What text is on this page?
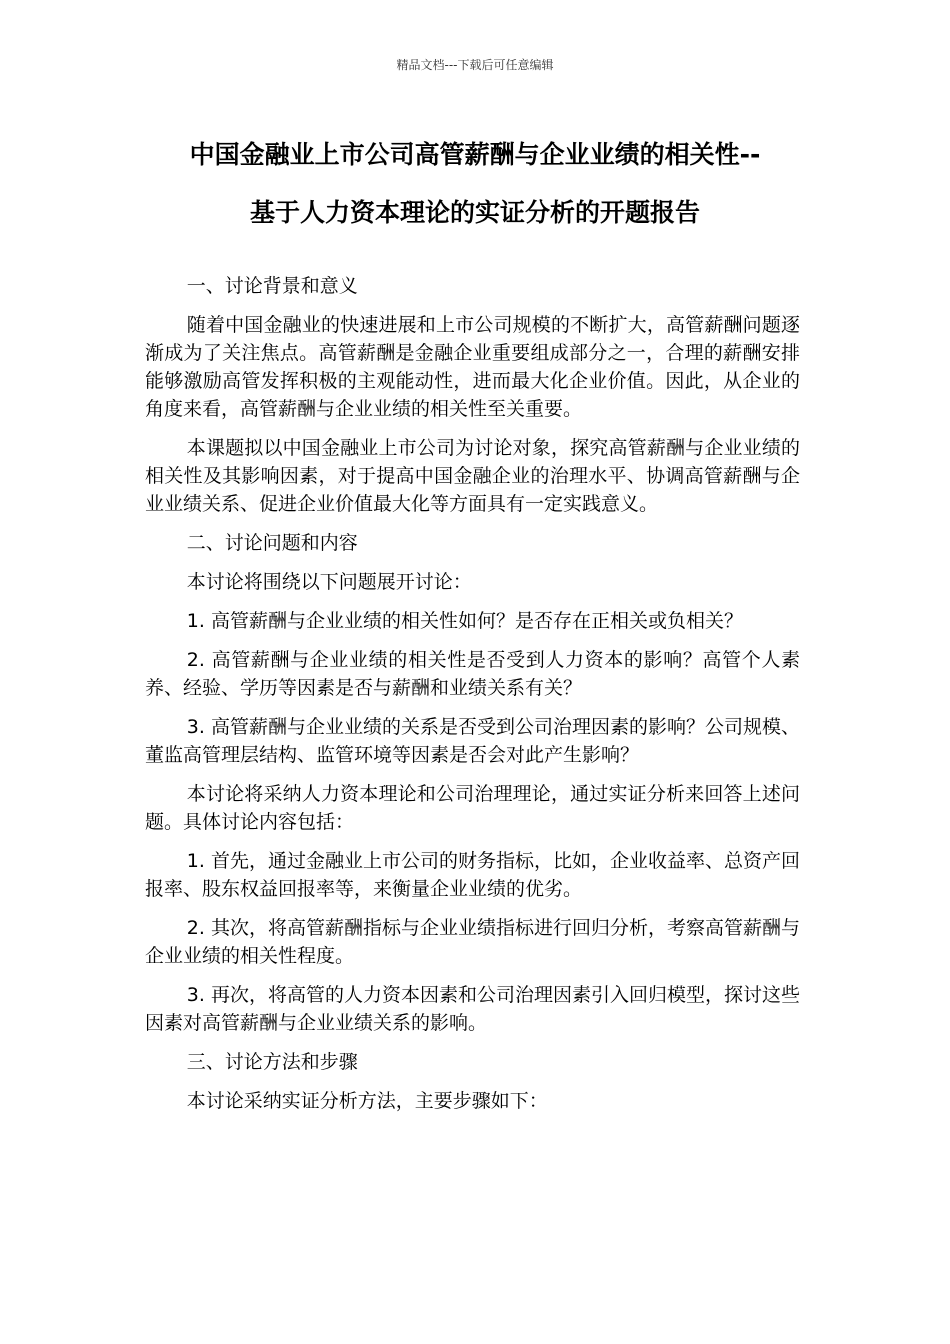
精品文档---下载后可任意编辑
中国金融业上市公司高管薪酬与企业业绩的相关性--
基于人力资本理论的实证分析的开题报告

一、讨论背景和意义

随着中国金融业的快速进展和上市公司规模的不断扩大，高管薪酬问题逐渐成为了关注焦点。高管薪酬是金融企业重要组成部分之一，合理的薪酬安排能够激励高管发挥积极的主观能动性，进而最大化企业价值。因此，从企业的角度来看，高管薪酬与企业业绩的相关性至关重要。

本课题拟以中国金融业上市公司为讨论对象，探究高管薪酬与企业业绩的相关性及其影响因素，对于提高中国金融企业的治理水平、协调高管薪酬与企业业绩关系、促进企业价值最大化等方面具有一定实践意义。

二、讨论问题和内容

本讨论将围绕以下问题展开讨论：

1. 高管薪酬与企业业绩的相关性如何？是否存在正相关或负相关？

2. 高管薪酬与企业业绩的相关性是否受到人力资本的影响？高管个人素养、经验、学历等因素是否与薪酬和业绩关系有关？

3. 高管薪酬与企业业绩的关系是否受到公司治理因素的影响？公司规模、董监高管理层结构、监管环境等因素是否会对此产生影响？

本讨论将采纳人力资本理论和公司治理理论，通过实证分析来回答上述问题。具体讨论内容包括：

1. 首先，通过金融业上市公司的财务指标，比如，企业收益率、总资产回报率、股东权益回报率等，来衡量企业业绩的优劣。

2. 其次，将高管薪酬指标与企业业绩指标进行回归分析，考察高管薪酬与企业业绩的相关性程度。

3. 再次，将高管的人力资本因素和公司治理因素引入回归模型，探讨这些因素对高管薪酬与企业业绩关系的影响。

三、讨论方法和步骤

本讨论采纳实证分析方法，主要步骤如下：
